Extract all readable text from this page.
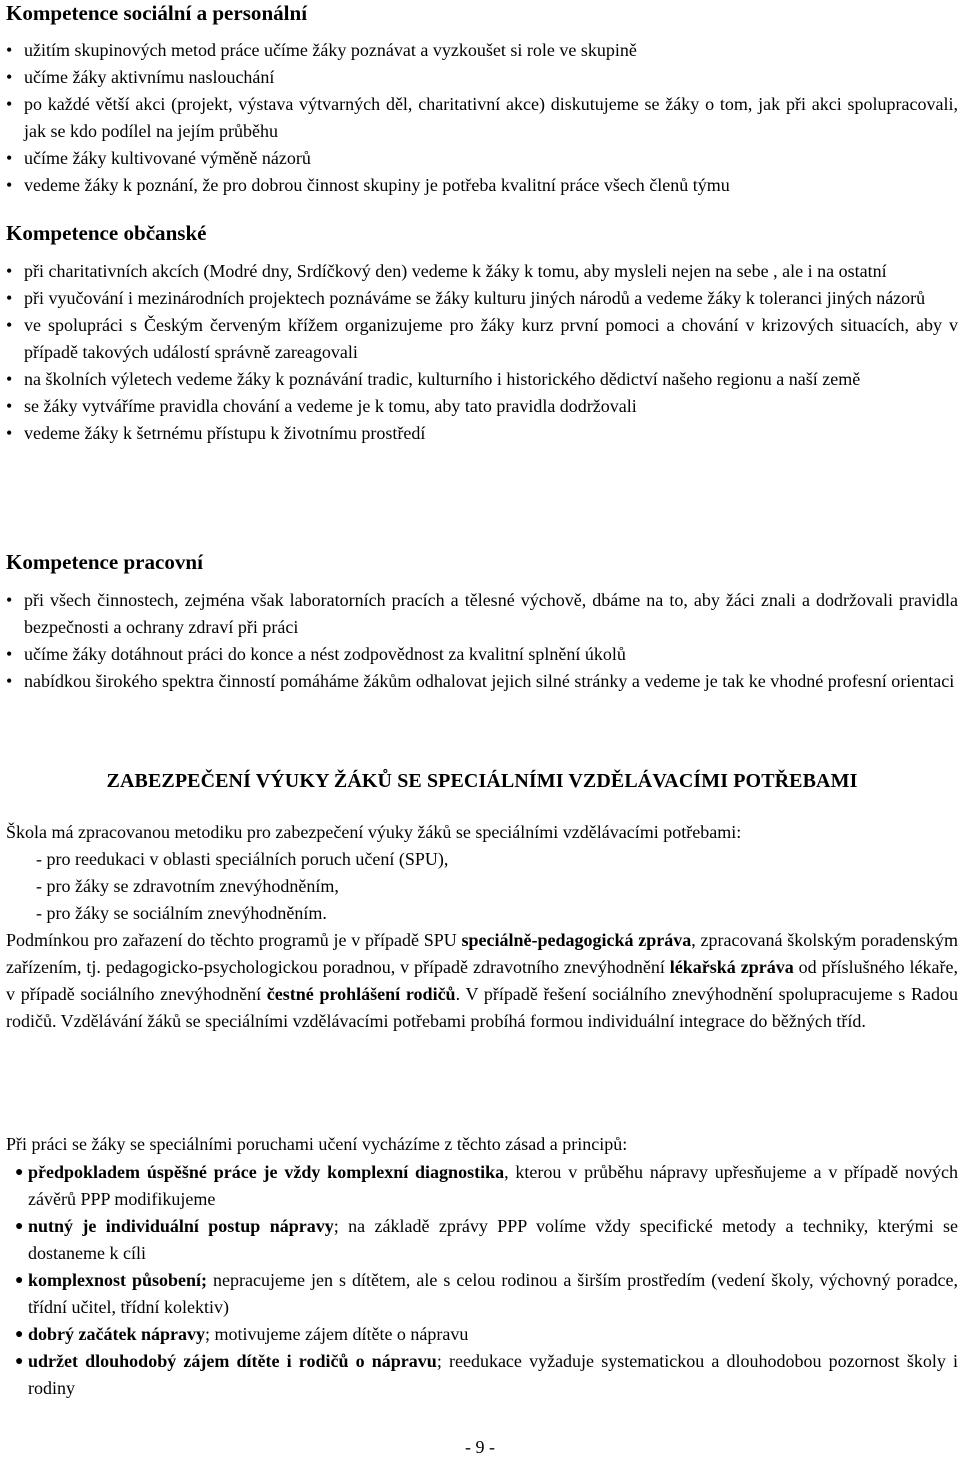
Kompetence sociální a personální
• užitím skupinových metod práce učíme žáky poznávat a vyzkoušet si role ve skupině
• učíme žáky aktivnímu naslouchání
• po každé větší akci (projekt, výstava výtvarných děl, charitativní akce) diskutujeme se žáky o tom, jak při akci spolupracovali, jak se kdo podílel na jejím průběhu
• učíme žáky kultivované výměně názorů
• vedeme žáky k poznání, že pro dobrou činnost skupiny je potřeba kvalitní práce všech členů týmu
Kompetence občanské
• při charitativních akcích (Modré dny, Srdíčkový den) vedeme k žáky k tomu, aby mysleli nejen na sebe , ale i na ostatní
• při vyučování i mezinárodních projektech poznáváme se žáky kulturu jiných národů a vedeme žáky k toleranci jiných názorů
• ve spolupráci s Českým červeným křížem organizujeme pro žáky kurz první pomoci a chování v krizových situacích, aby v případě takových událostí správně zareagovali
• na školních výletech vedeme žáky k poznávání tradic, kulturního i historického dědictví našeho regionu a naší země
• se žáky vytváříme pravidla chování a vedeme je k tomu, aby tato pravidla dodržovali
• vedeme žáky k šetrnému přístupu k životnímu prostředí
Kompetence pracovní
• při všech činnostech, zejména však laboratorních pracích a tělesné výchově, dbáme na to, aby žáci znali a dodržovali pravidla bezpečnosti a ochrany zdraví při práci
• učíme žáky dotáhnout práci do konce a nést zodpovědnost za kvalitní splnění úkolů
• nabídkou širokého spektra činností pomáháme žákům odhalovat jejich silné stránky a vedeme je tak ke vhodné profesní orientaci
ZABEZPEČENÍ VÝUKY ŽÁKŮ SE SPECIÁLNÍMI VZDĚLÁVACÍMI POTŘEBAMI

Škola má zpracovanou metodiku pro zabezpečení výuky žáků se speciálními vzdělávacími potřebami:

- pro reedukaci v oblasti speciálních poruch učení (SPU),
- pro žáky se zdravotním znevýhodněním,
- pro žáky se sociálním znevýhodněním.

Podmínkou pro zařazení do těchto programů je v případě SPU speciálně-pedagogická zpráva, zpracovaná školským poradenským zařízením, tj. pedagogicko-psychologickou poradnou, v případě zdravotního znevýhodnění lékařská zpráva od příslušného lékaře, v případě sociálního znevýhodnění čestné prohlášení rodičů. V případě řešení sociálního znevýhodnění spolupracujeme s Radou rodičů. Vzdělávání žáků se speciálními vzdělávacími potřebami probíhá formou individuální integrace do běžných tříd.

Při práci se žáky se speciálními poruchami učení vycházíme z těchto zásad a principů:

● předpokladem úspěšné práce je vždy komplexní diagnostika, kterou v průběhu nápravy upřesňujeme a v případě nových závěrů PPP modifikujeme
● nutný je individuální postup nápravy; na základě zprávy PPP volíme vždy specifické metody a techniky, kterými se dostaneme k cíli
● komplexnost působení; nepracujeme jen s dítětem, ale s celou rodinou a širším prostředím (vedení školy, výchovný poradce, třídní učitel, třídní kolektiv)
● dobrý začátek nápravy; motivujeme zájem dítěte o nápravu
● udržet dlouhodobý zájem dítěte i rodičů o nápravu; reedukace vyžaduje systematickou a dlouhodobou pozornost školy i rodiny
- 9 -
